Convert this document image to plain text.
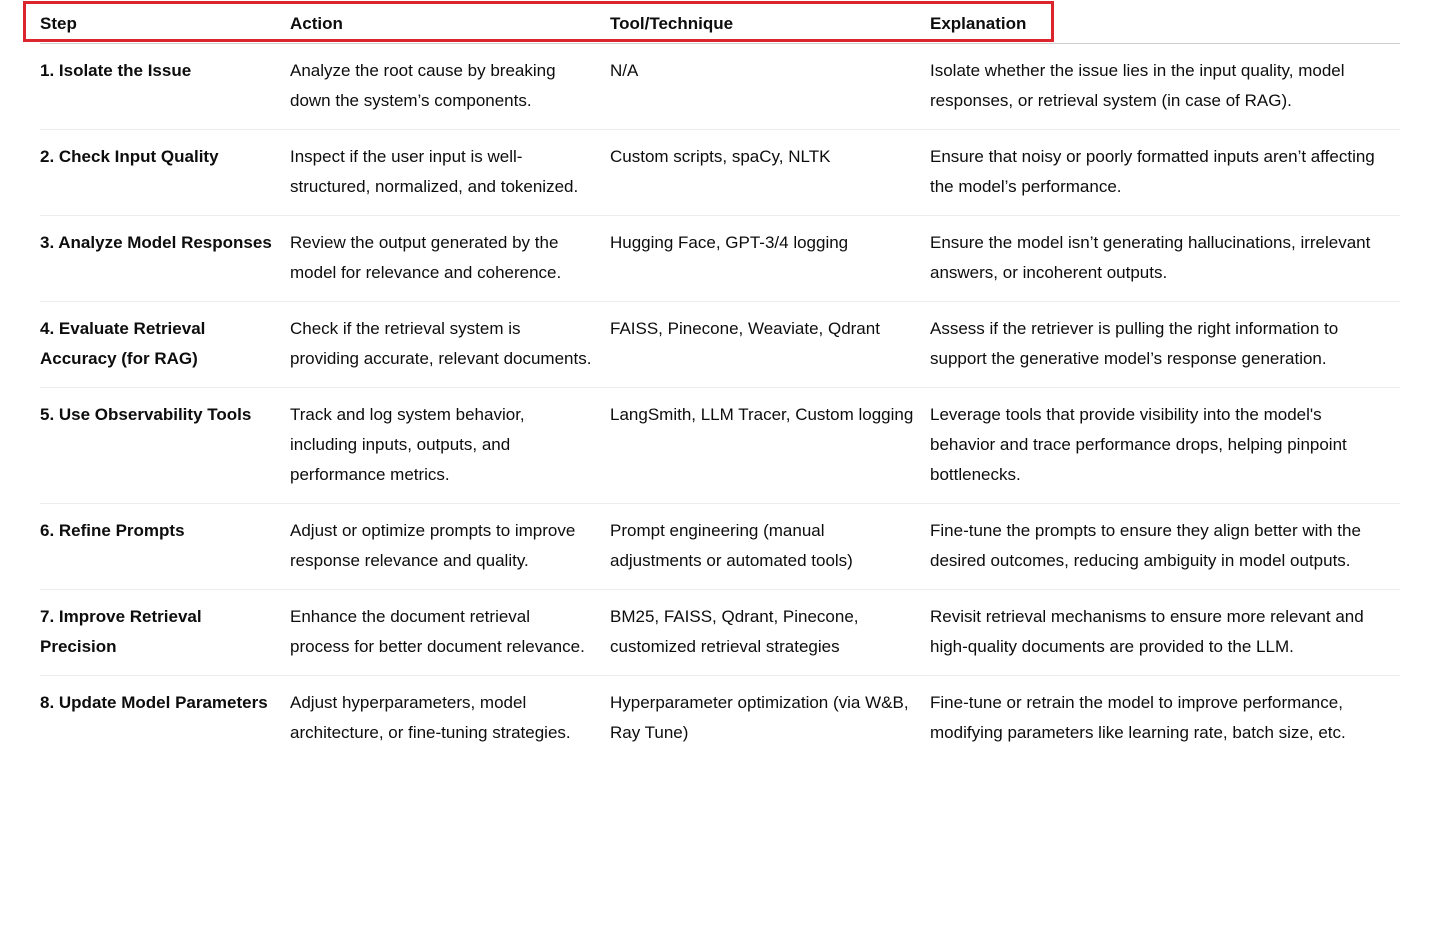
Step	Action	Tool/Technique	Explanation
1. Isolate the Issue	Analyze the root cause by breaking down the system’s components.	N/A	Isolate whether the issue lies in the input quality, model responses, or retrieval system (in case of RAG).
2. Check Input Quality	Inspect if the user input is well-structured, normalized, and tokenized.	Custom scripts, spaCy, NLTK	Ensure that noisy or poorly formatted inputs aren’t affecting the model’s performance.
3. Analyze Model Responses	Review the output generated by the model for relevance and coherence.	Hugging Face, GPT-3/4 logging	Ensure the model isn’t generating hallucinations, irrelevant answers, or incoherent outputs.
4. Evaluate Retrieval Accuracy (for RAG)	Check if the retrieval system is providing accurate, relevant documents.	FAISS, Pinecone, Weaviate, Qdrant	Assess if the retriever is pulling the right information to support the generative model’s response generation.
5. Use Observability Tools	Track and log system behavior, including inputs, outputs, and performance metrics.	LangSmith, LLM Tracer, Custom logging	Leverage tools that provide visibility into the model's behavior and trace performance drops, helping pinpoint bottlenecks.
6. Refine Prompts	Adjust or optimize prompts to improve response relevance and quality.	Prompt engineering (manual adjustments or automated tools)	Fine-tune the prompts to ensure they align better with the desired outcomes, reducing ambiguity in model outputs.
7. Improve Retrieval Precision	Enhance the document retrieval process for better document relevance.	BM25, FAISS, Qdrant, Pinecone, customized retrieval strategies	Revisit retrieval mechanisms to ensure more relevant and high-quality documents are provided to the LLM.
8. Update Model Parameters	Adjust hyperparameters, model architecture, or fine-tuning strategies.	Hyperparameter optimization (via W&B, Ray Tune)	Fine-tune or retrain the model to improve performance, modifying parameters like learning rate, batch size, etc.
